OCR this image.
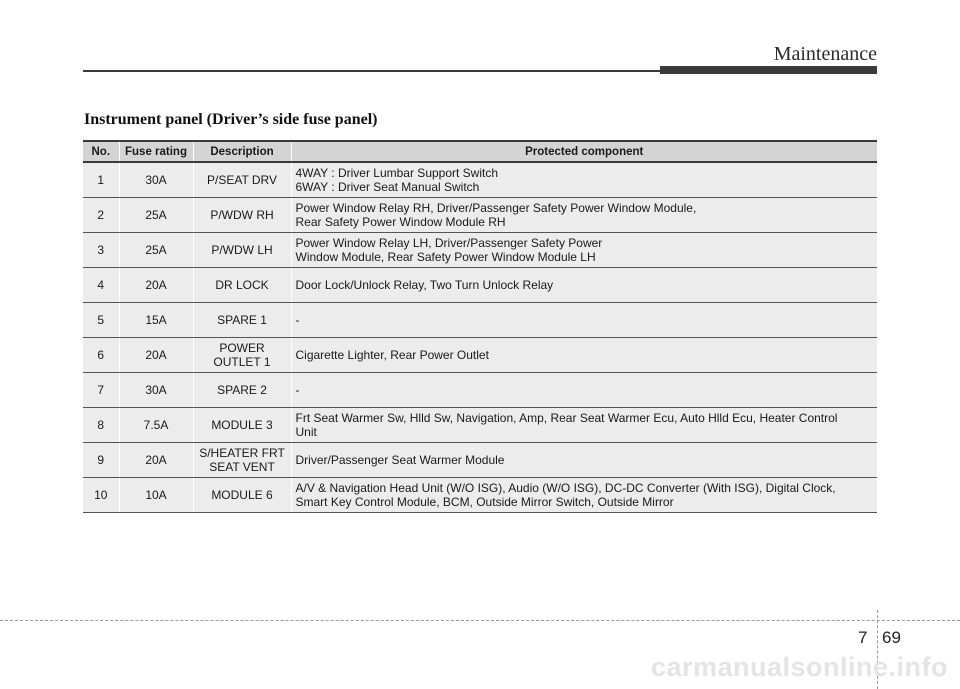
Maintenance
Instrument panel (Driver’s side fuse panel)
No.	Fuse rating	Description	Protected component
1	30A	P/SEAT DRV	4WAY : Driver Lumbar Support Switch
6WAY : Driver Seat Manual Switch
2	25A	P/WDW RH	Power Window Relay RH, Driver/Passenger Safety Power Window Module,
Rear Safety Power Window Module RH
3	25A	P/WDW LH	Power Window Relay LH, Driver/Passenger Safety Power
Window Module, Rear Safety Power Window Module LH
4	20A	DR LOCK	Door Lock/Unlock Relay, Two Turn Unlock Relay
5	15A	SPARE 1	-
6	20A	POWER
OUTLET 1	Cigarette Lighter, Rear Power Outlet
7	30A	SPARE 2	-
8	7.5A	MODULE 3	Frt Seat Warmer Sw, Hlld Sw, Navigation, Amp, Rear Seat Warmer Ecu, Auto Hlld Ecu, Heater Control
Unit
9	20A	S/HEATER FRT
SEAT VENT	Driver/Passenger Seat Warmer Module
10	10A	MODULE 6	A/V & Navigation Head Unit (W/O ISG), Audio (W/O ISG), DC-DC Converter (With ISG), Digital Clock,
Smart Key Control Module, BCM, Outside Mirror Switch, Outside Mirror
7 69
carmanualsonline.info
